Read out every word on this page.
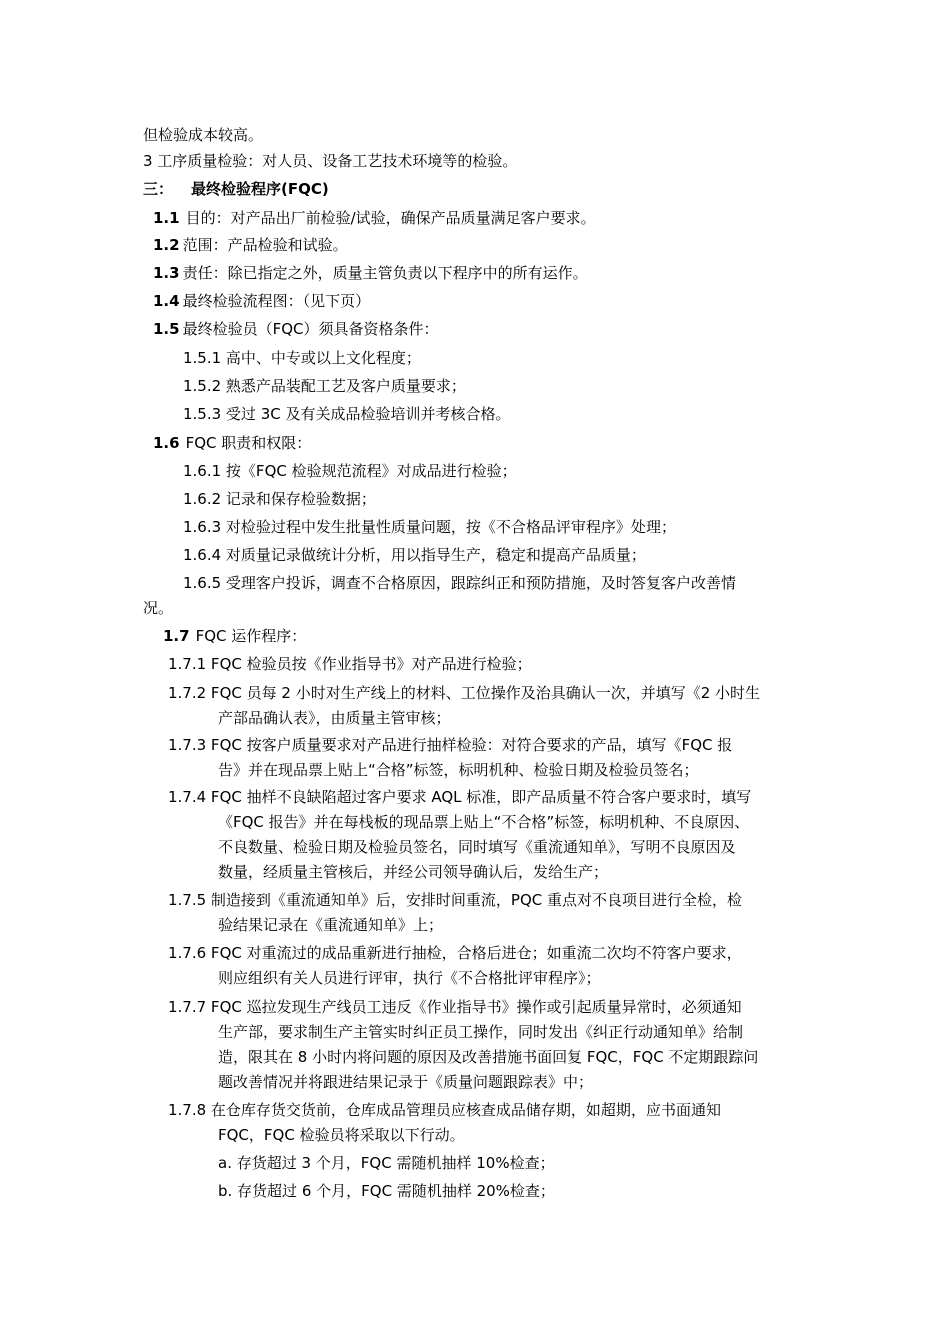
但检验成本较高。
3 工序质量检验：对人员、设备工艺技术环境等的检验。
三： 最终检验程序(FQC)
1.1 目的：对产品出厂前检验/试验，确保产品质量满足客户要求。
1.2 范围：产品检验和试验。
1.3 责任：除已指定之外，质量主管负责以下程序中的所有运作。
1.4 最终检验流程图：（见下页）
1.5 最终检验员（FQC）须具备资格条件：
1.5.1 高中、中专或以上文化程度；
1.5.2 熟悉产品装配工艺及客户质量要求；
1.5.3 受过 3C 及有关成品检验培训并考核合格。
1.6 FQC 职责和权限：
1.6.1 按《FQC 检验规范流程》对成品进行检验；
1.6.2 记录和保存检验数据；
1.6.3 对检验过程中发生批量性质量问题，按《不合格品评审程序》处理；
1.6.4 对质量记录做统计分析，用以指导生产，稳定和提高产品质量；
1.6.5 受理客户投诉，调查不合格原因，跟踪纠正和预防措施，及时答复客户改善情
况。
1.7 FQC 运作程序：
1.7.1 FQC 检验员按《作业指导书》对产品进行检验；
1.7.2 FQC 员每 2 小时对生产线上的材料、工位操作及治具确认一次，并填写《2 小时生
产部品确认表》，由质量主管审核；
1.7.3 FQC 按客户质量要求对产品进行抽样检验：对符合要求的产品，填写《FQC 报
告》并在现品票上贴上“合格”标签，标明机种、检验日期及检验员签名；
1.7.4 FQC 抽样不良缺陷超过客户要求 AQL 标准，即产品质量不符合客户要求时，填写
《FQC 报告》并在每栈板的现品票上贴上“不合格”标签，标明机种、不良原因、
不良数量、检验日期及检验员签名，同时填写《重流通知单》，写明不良原因及
数量，经质量主管核后，并经公司领导确认后，发给生产；
1.7.5 制造接到《重流通知单》后，安排时间重流，PQC 重点对不良项目进行全检，检
验结果记录在《重流通知单》上；
1.7.6 FQC 对重流过的成品重新进行抽检，合格后进仓；如重流二次均不符客户要求，
则应组织有关人员进行评审，执行《不合格批评审程序》；
1.7.7 FQC 巡拉发现生产线员工违反《作业指导书》操作或引起质量异常时，必须通知
生产部，要求制生产主管实时纠正员工操作，同时发出《纠正行动通知单》给制
造，限其在 8 小时内将问题的原因及改善措施书面回复 FQC，FQC 不定期跟踪问
题改善情况并将跟进结果记录于《质量问题跟踪表》中；
1.7.8 在仓库存货交货前，仓库成品管理员应核查成品储存期，如超期，应书面通知
FQC，FQC 检验员将采取以下行动。
a. 存货超过 3 个月，FQC 需随机抽样 10%检查；
b. 存货超过 6 个月，FQC 需随机抽样 20%检查；
